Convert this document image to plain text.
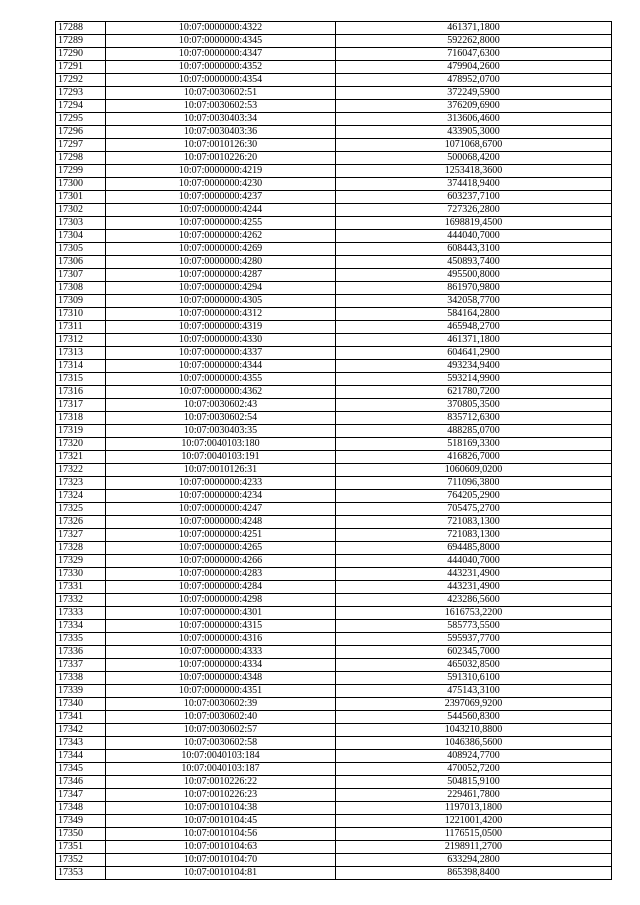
17288	10:07:0000000:4322	461371,1800
17289	10:07:0000000:4345	592262,8000
17290	10:07:0000000:4347	716047,6300
17291	10:07:0000000:4352	479904,2600
17292	10:07:0000000:4354	478952,0700
17293	10:07:0030602:51	372249,5900
17294	10:07:0030602:53	376209,6900
17295	10:07:0030403:34	313606,4600
17296	10:07:0030403:36	433905,3000
17297	10:07:0010126:30	1071068,6700
17298	10:07:0010226:20	500068,4200
17299	10:07:0000000:4219	1253418,3600
17300	10:07:0000000:4230	374418,9400
17301	10:07:0000000:4237	603237,7100
17302	10:07:0000000:4244	727326,2800
17303	10:07:0000000:4255	1698819,4500
17304	10:07:0000000:4262	444040,7000
17305	10:07:0000000:4269	608443,3100
17306	10:07:0000000:4280	450893,7400
17307	10:07:0000000:4287	495500,8000
17308	10:07:0000000:4294	861970,9800
17309	10:07:0000000:4305	342058,7700
17310	10:07:0000000:4312	584164,2800
17311	10:07:0000000:4319	465948,2700
17312	10:07:0000000:4330	461371,1800
17313	10:07:0000000:4337	604641,2900
17314	10:07:0000000:4344	493234,9400
17315	10:07:0000000:4355	593214,9900
17316	10:07:0000000:4362	621780,7200
17317	10:07:0030602:43	370805,3500
17318	10:07:0030602:54	835712,6300
17319	10:07:0030403:35	488285,0700
17320	10:07:0040103:180	518169,3300
17321	10:07:0040103:191	416826,7000
17322	10:07:0010126:31	1060609,0200
17323	10:07:0000000:4233	711096,3800
17324	10:07:0000000:4234	764205,2900
17325	10:07:0000000:4247	705475,2700
17326	10:07:0000000:4248	721083,1300
17327	10:07:0000000:4251	721083,1300
17328	10:07:0000000:4265	694485,8000
17329	10:07:0000000:4266	444040,7000
17330	10:07:0000000:4283	443231,4900
17331	10:07:0000000:4284	443231,4900
17332	10:07:0000000:4298	423286,5600
17333	10:07:0000000:4301	1616753,2200
17334	10:07:0000000:4315	585773,5500
17335	10:07:0000000:4316	595937,7700
17336	10:07:0000000:4333	602345,7000
17337	10:07:0000000:4334	465032,8500
17338	10:07:0000000:4348	591310,6100
17339	10:07:0000000:4351	475143,3100
17340	10:07:0030602:39	2397069,9200
17341	10:07:0030602:40	544560,8300
17342	10:07:0030602:57	1043210,8800
17343	10:07:0030602:58	1046386,5600
17344	10:07:0040103:184	408924,7700
17345	10:07:0040103:187	470052,7200
17346	10:07:0010226:22	504815,9100
17347	10:07:0010226:23	229461,7800
17348	10:07:0010104:38	1197013,1800
17349	10:07:0010104:45	1221001,4200
17350	10:07:0010104:56	1176515,0500
17351	10:07:0010104:63	2198911,2700
17352	10:07:0010104:70	633294,2800
17353	10:07:0010104:81	865398,8400
